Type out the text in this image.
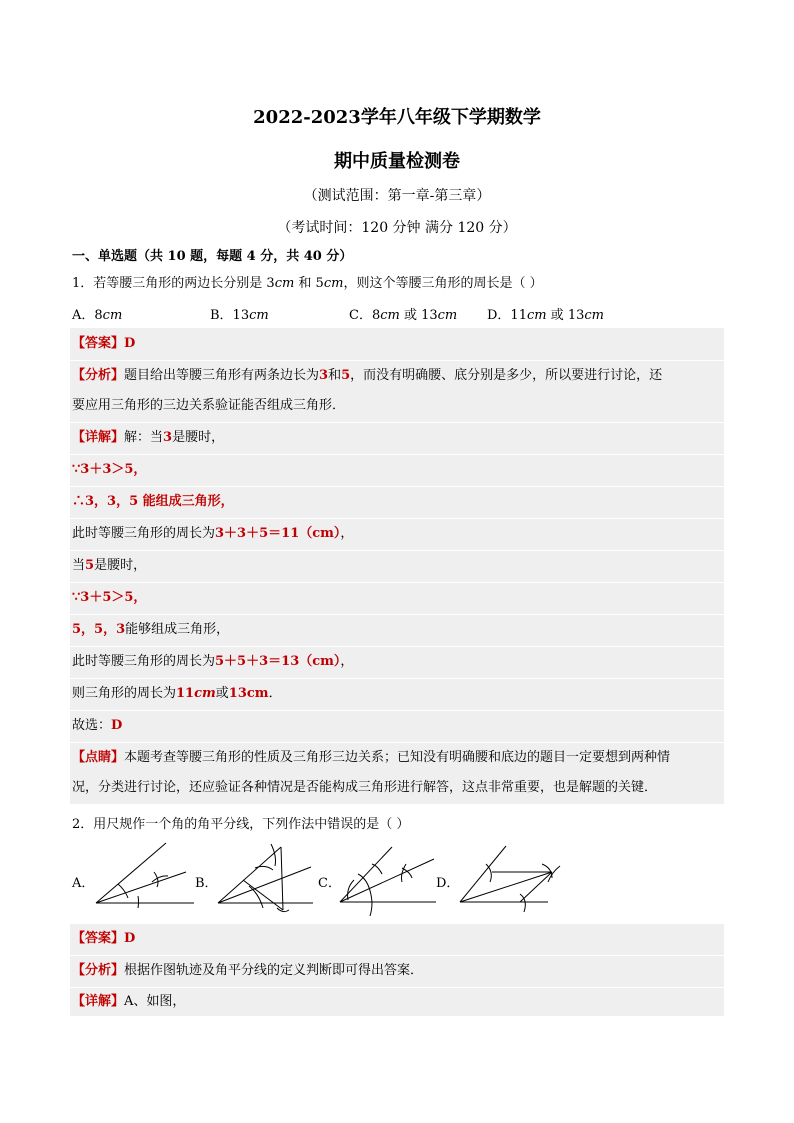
2022-2023学年八年级下学期数学
期中质量检测卷
（测试范围：第一章-第三章）
（考试时间：120 分钟 满分 120 分）
一、单选题（共 10 题，每题 4 分，共 40 分）
1．若等腰三角形的两边长分别是 3cm 和 5cm，则这个等腰三角形的周长是（ ）
A．8cm	B．13cm	C．8cm 或 13cm D．11cm 或 13cm
【答案】D
【分析】题目给出等腰三角形有两条边长为3和5，而没有明确腰、底分别是多少，所以要进行讨论，还
要应用三角形的三边关系验证能否组成三角形．
【详解】解：当3是腰时，
∵3＋3＞5，
∴3，3，5 能组成三角形，
此时等腰三角形的周长为3＋3＋5＝11（cm），
当5是腰时，
∵3＋5＞5，
5，5，3能够组成三角形，
此时等腰三角形的周长为5＋5＋3＝13（cm），
则三角形的周长为11cm或13cm．
故选：D
【点睛】本题考查等腰三角形的性质及三角形三边关系；已知没有明确腰和底边的题目一定要想到两种情
况，分类进行讨论，还应验证各种情况是否能构成三角形进行解答，这点非常重要，也是解题的关键．
2．用尺规作一个角的角平分线，下列作法中错误的是（ ）
A．	B．	C．	D．
【答案】D
【分析】根据作图轨迹及角平分线的定义判断即可得出答案．
【详解】A、如图，
